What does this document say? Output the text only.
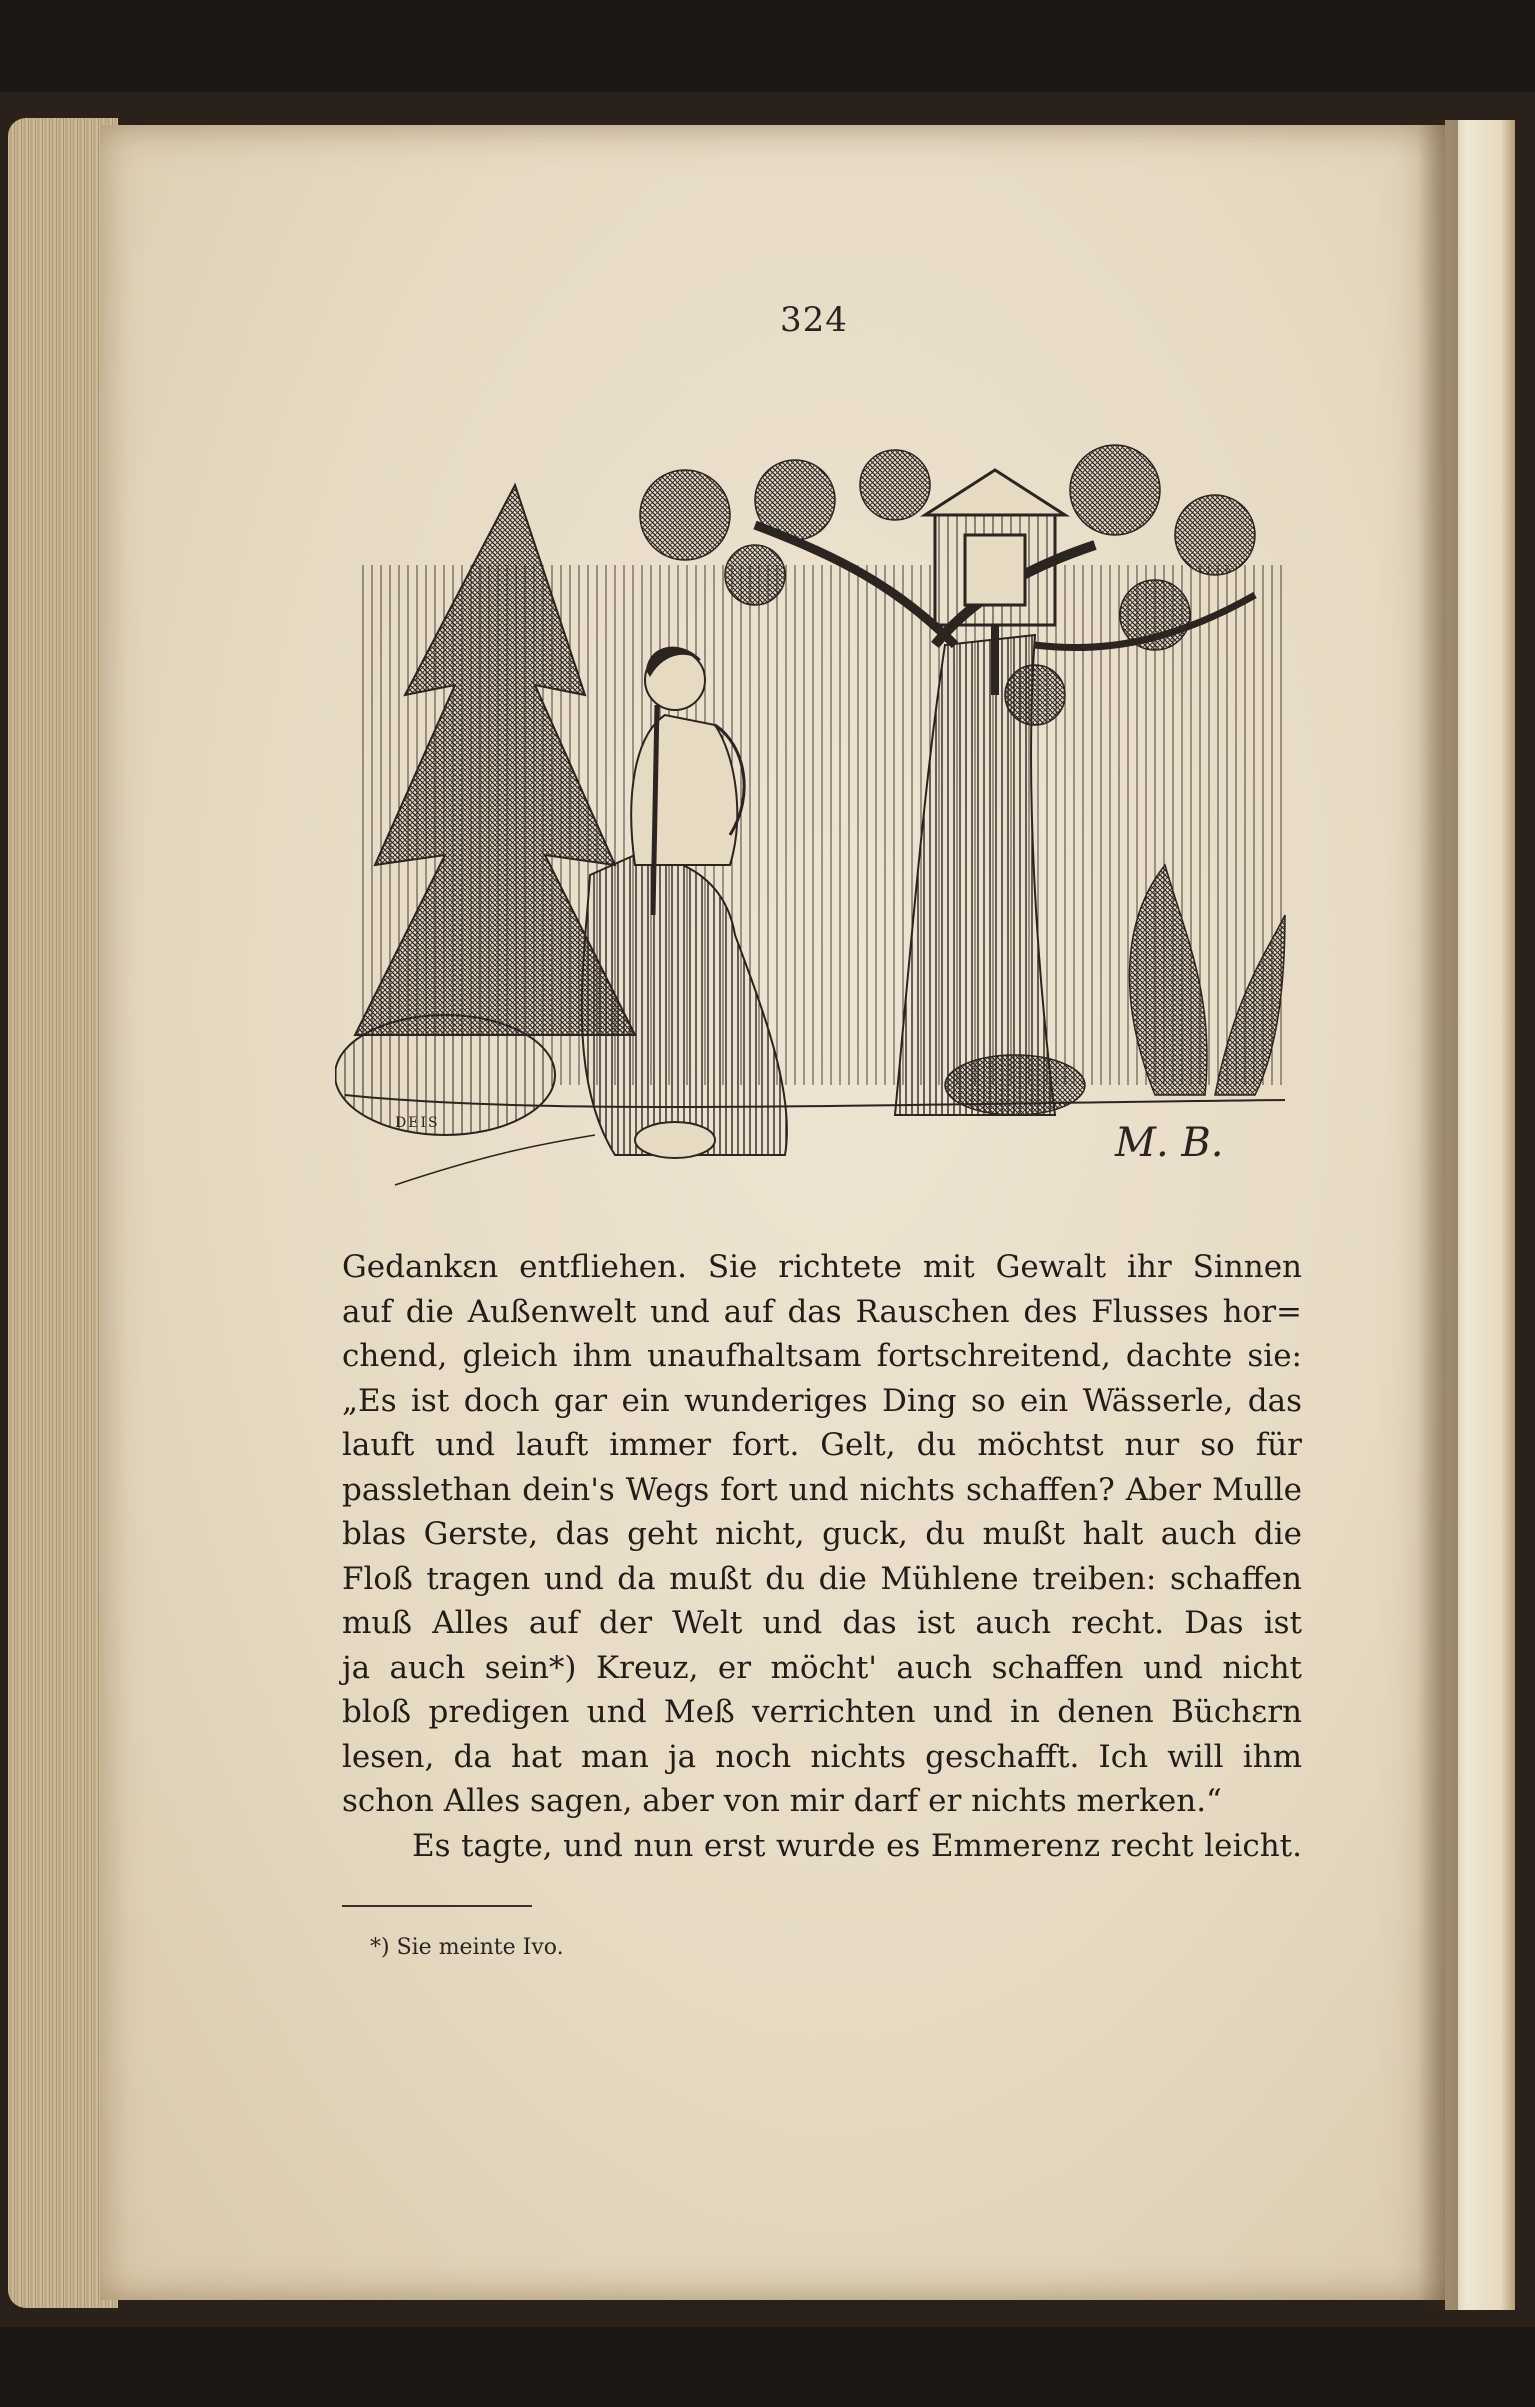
324
DEIS	M. B.
Gedankɛn entfliehen. Sie richtete mit Gewalt ihr Sinnen
auf die Außenwelt und auf das Rauschen des Flusses hor=
chend, gleich ihm unaufhaltsam fortschreitend, dachte sie:
„Es ist doch gar ein wunderiges Ding so ein Wässerle, das
lauft und lauft immer fort. Gelt, du möchtst nur so für
passlethan dein's Wegs fort und nichts schaffen? Aber Mulle
blas Gerste, das geht nicht, guck, du mußt halt auch die
Floß tragen und da mußt du die Mühlene treiben: schaffen
muß Alles auf der Welt und das ist auch recht. Das ist
ja auch sein*) Kreuz, er möcht' auch schaffen und nicht
bloß predigen und Meß verrichten und in denen Büchɛrn
lesen, da hat man ja noch nichts geschafft. Ich will ihm
schon Alles sagen, aber von mir darf er nichts merken.“
Es tagte, und nun erst wurde es Emmerenz recht leicht.
*) Sie meinte Ivo.
